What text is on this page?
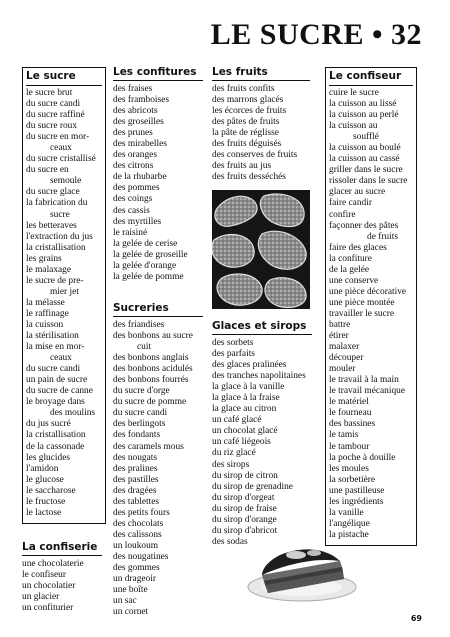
LE SUCRE • 32
Le sucre
le sucre brut
du sucre candi
du sucre raffiné
du sucre roux
du sucre en mor-
ceaux
du sucre cristallisé
du sucre en
semoule
du sucre glace
la fabrication du
sucre
les betteraves
l'extraction du jus
la cristallisation
les grains
le malaxage
le sucre de pre-
mier jet
la mélasse
le raffinage
la cuisson
la stérilisation
la mise en mor-
ceaux
du sucre candi
un pain de sucre
du sucre de canne
le broyage dans
des moulins
du jus sucré
la cristallisation
de la cassonade
les glucides
l'amidon
le glucose
le saccharose
le fructose
le lactose
La confiserie
une chocolaterie
le confiseur
un chocolatier
un glacier
un confiturier
Les confitures
des fraises
des framboises
des abricots
des groseilles
des prunes
des mirabelles
des oranges
des citrons
de la rhubarbe
des pommes
des coings
des cassis
des myrtilles
le raisiné
la gelée de cerise
la gelée de groseille
la gelée d'orange
la gelée de pomme
Sucreries
des friandises
des bonbons au sucre
cuit
des bonbons anglais
des bonbons acidulés
des bonbons fourrés
du sucre d'orge
du sucre de pomme
du sucre candi
des berlingots
des fondants
des caramels mous
des nougats
des pralines
des pastilles
des dragées
des tablettes
des petits fours
des chocolats
des calissons
un loukoum
des nougatines
des gommes
un drageoir
une boîte
un sac
un cornet
Les fruits
des fruits confits
des marrons glacés
les écorces de fruits
des pâtes de fruits
la pâte de réglisse
des fruits déguisés
des conserves de fruits
des fruits au jus
des fruits desséchés
Glaces et sirops
des sorbets
des parfaits
des glaces pralinées
des tranches napolitaines
la glace à la vanille
la glace à la fraise
la glace au citron
un café glacé
un chocolat glacé
un café liégeois
du riz glacé
des sirops
du sirop de citron
du sirop de grenadine
du sirop d'orgeat
du sirop de fraise
du sirop d'orange
du sirop d'abricot
des sodas
Le confiseur
cuire le sucre
la cuisson au lissé
la cuisson au perlé
la cuisson au
soufflé
la cuisson au boulé
la cuisson au cassé
griller dans le sucre
rissoler dans le sucre
glacer au sucre
faire candir
confire
façonner des pâtes
de fruits
faire des glaces
la confiture
de la gelée
une conserve
une pièce décorative
une pièce montée
travailler le sucre
battre
étirer
malaxer
découper
mouler
le travail à la main
le travail mécanique
le matériel
le fourneau
des bassines
le tamis
le tambour
la poche à douille
les moules
la sorbetière
une pastilleuse
les ingrédients
la vanille
l'angélique
la pistache
69
